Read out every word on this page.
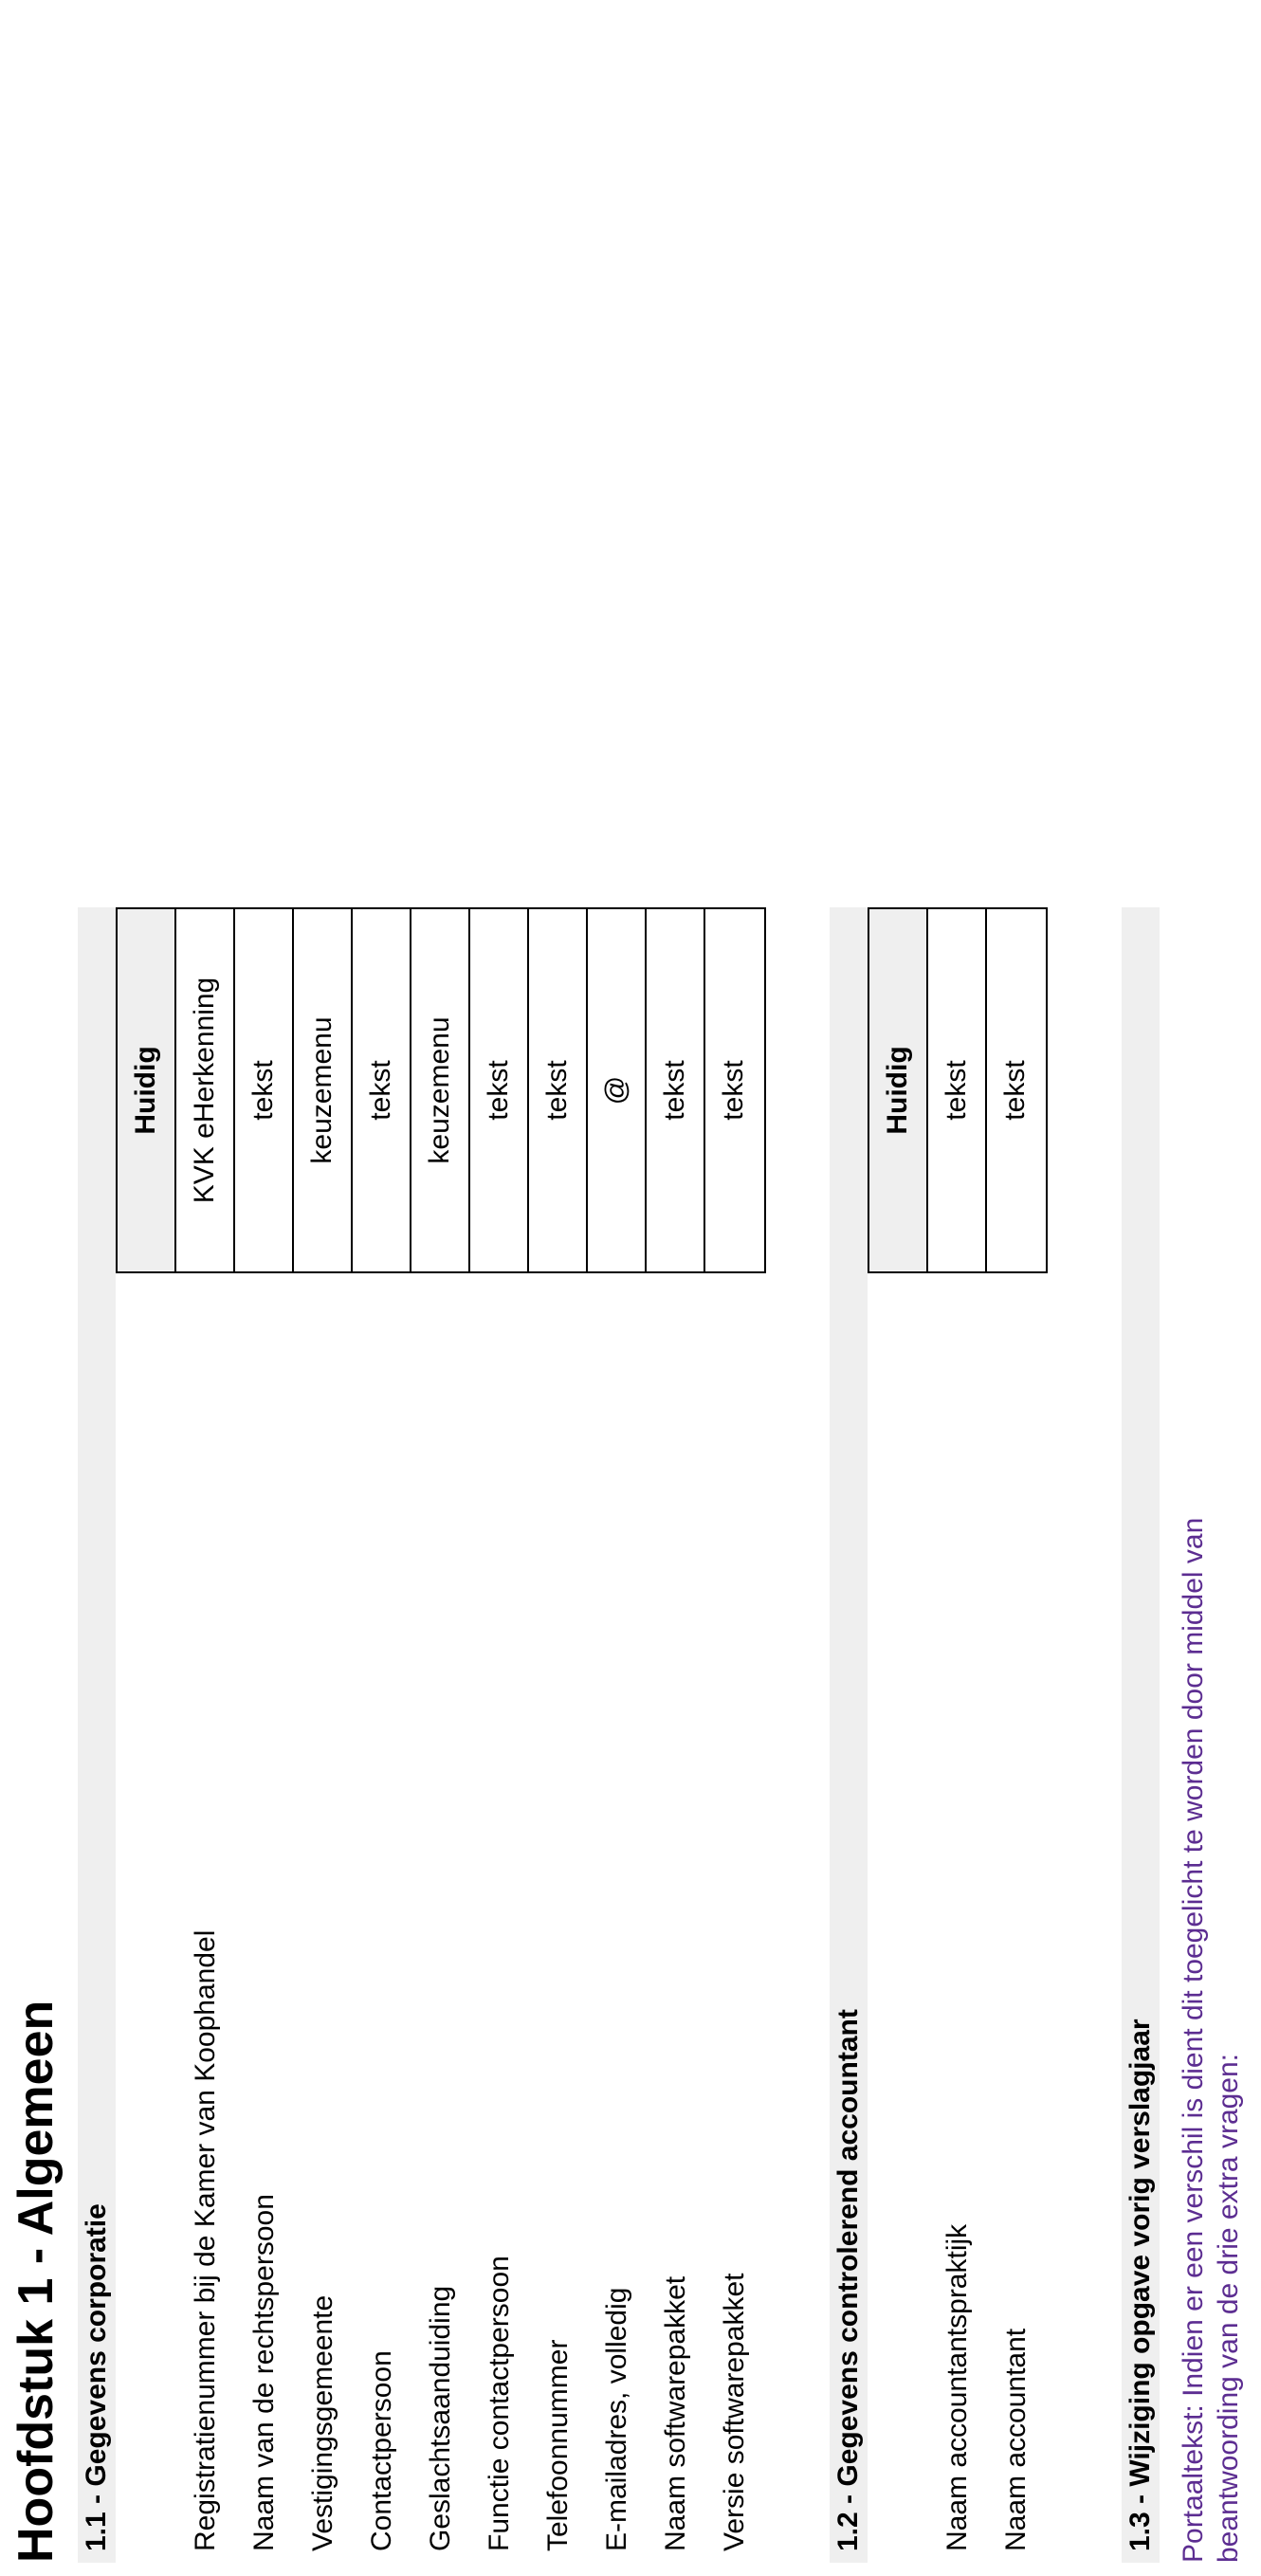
Hoofdstuk 1 - Algemeen 1.1 - Gegevens corporatie	Registratienummer bij de Kamer van Koophandel Naam van de rechtspersoon Vestigingsgemeente Contactpersoon Geslachtsaanduiding Functie contactpersoon Telefoonnummer E-mailadres, volledig Naam softwarepakket Versie softwarepakket
Huidig KVK eHerkenning tekst keuzemenu tekst keuzemenu tekst tekst @ tekst tekst
1.2 - Gegevens controlerend accountant	Naam accountantspraktijk Naam accountant
Huidig tekst tekst
1.3 - Wijziging opgave vorig verslagjaar Portaaltekst: Indien er een verschil is dient dit toegelicht te worden door middel van beantwoording van de drie extra vragen:
